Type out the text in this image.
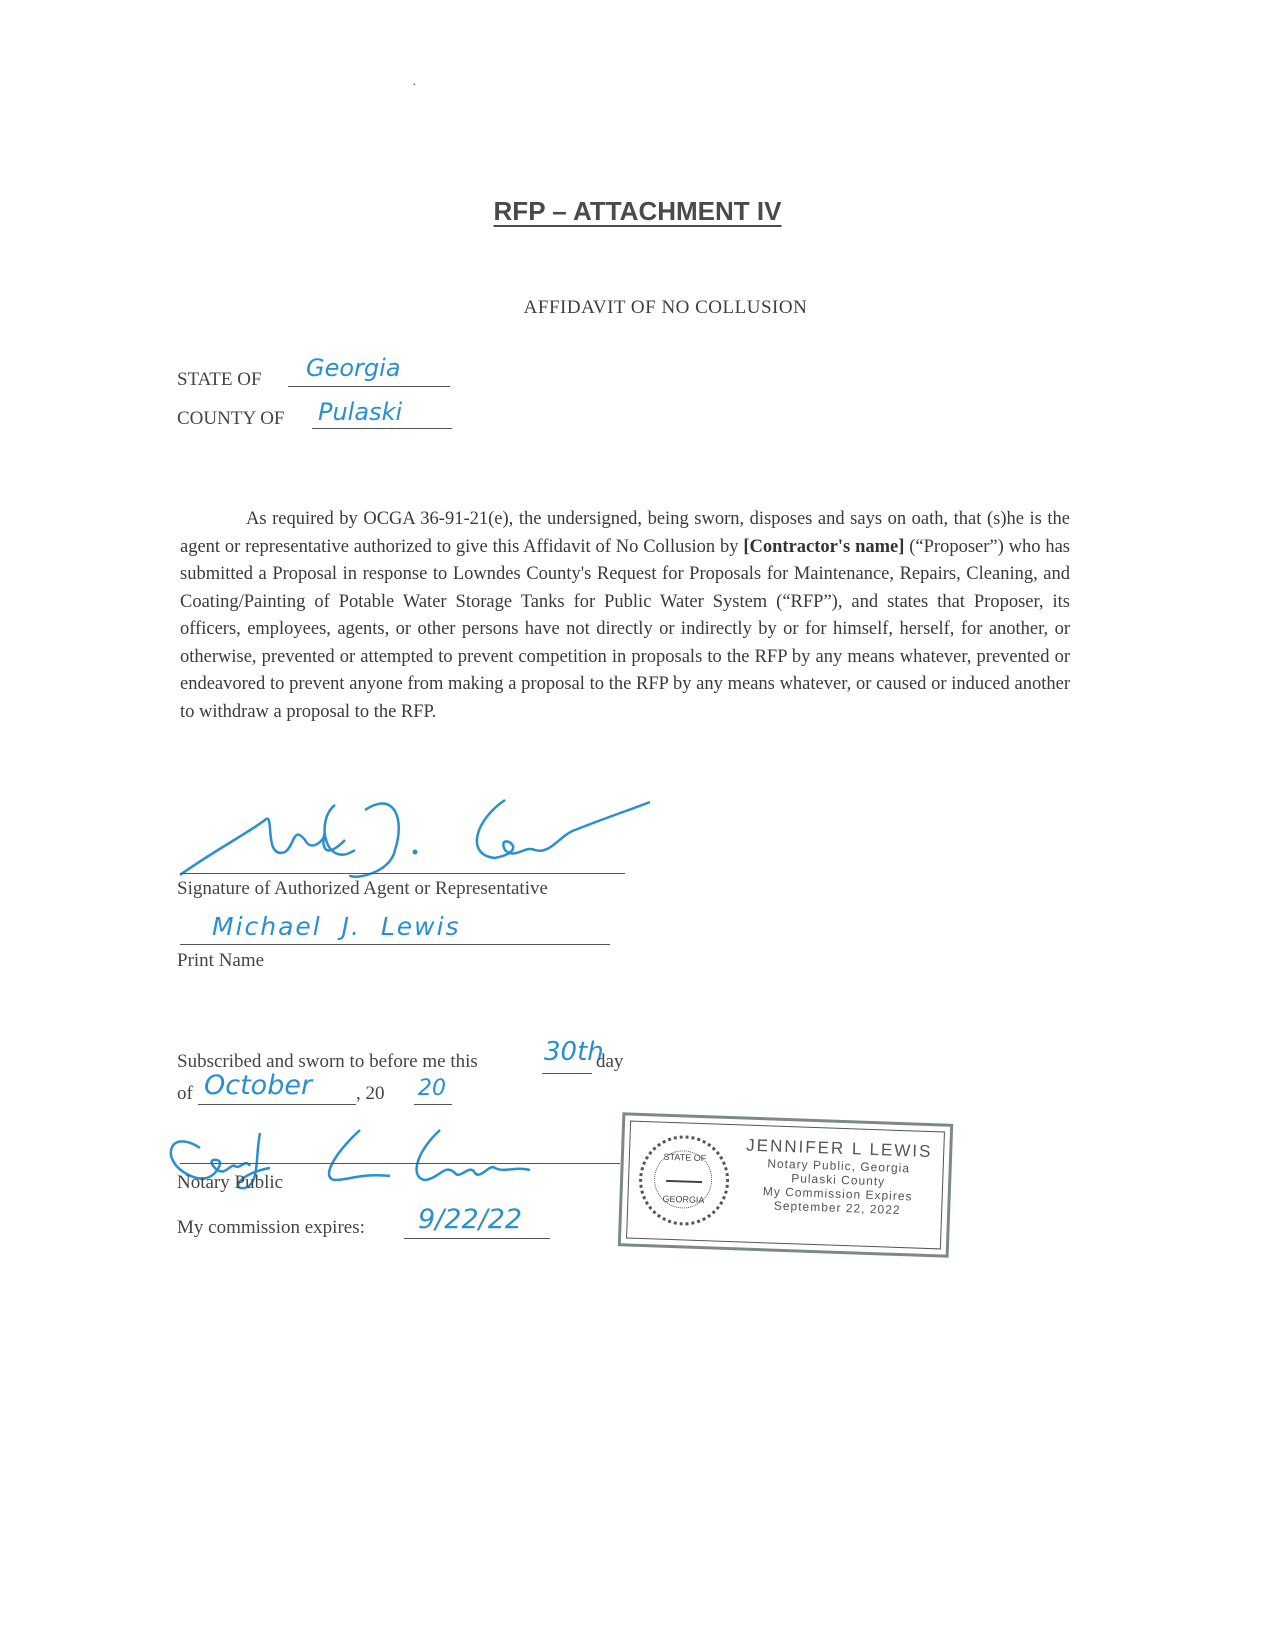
·
RFP – ATTACHMENT IV
AFFIDAVIT OF NO COLLUSION
STATE OF Georgia
COUNTY OF Pulaski
As required by OCGA 36-91-21(e), the undersigned, being sworn, disposes and says on oath, that (s)he is the agent or representative authorized to give this Affidavit of No Collusion by [Contractor's name] (“Proposer”) who has submitted a Proposal in response to Lowndes County's Request for Proposals for Maintenance, Repairs, Cleaning, and Coating/Painting of Potable Water Storage Tanks for Public Water System (“RFP”), and states that Proposer, its officers, employees, agents, or other persons have not directly or indirectly by or for himself, herself, for another, or otherwise, prevented or attempted to prevent competition in proposals to the RFP by any means whatever, prevented or endeavored to prevent anyone from making a proposal to the RFP by any means whatever, or caused or induced another to withdraw a proposal to the RFP.
Signature of Authorized Agent or Representative
Michael  J.  Lewis
Print Name
Subscribed and sworn to before me this	30th
day
of October , 20 20
Notary Public
My commission expires: 9/22/22
STATE OF
GEORGIA
JENNIFER L LEWIS
Notary Public, Georgia
Pulaski County
My Commission Expires
September 22, 2022
